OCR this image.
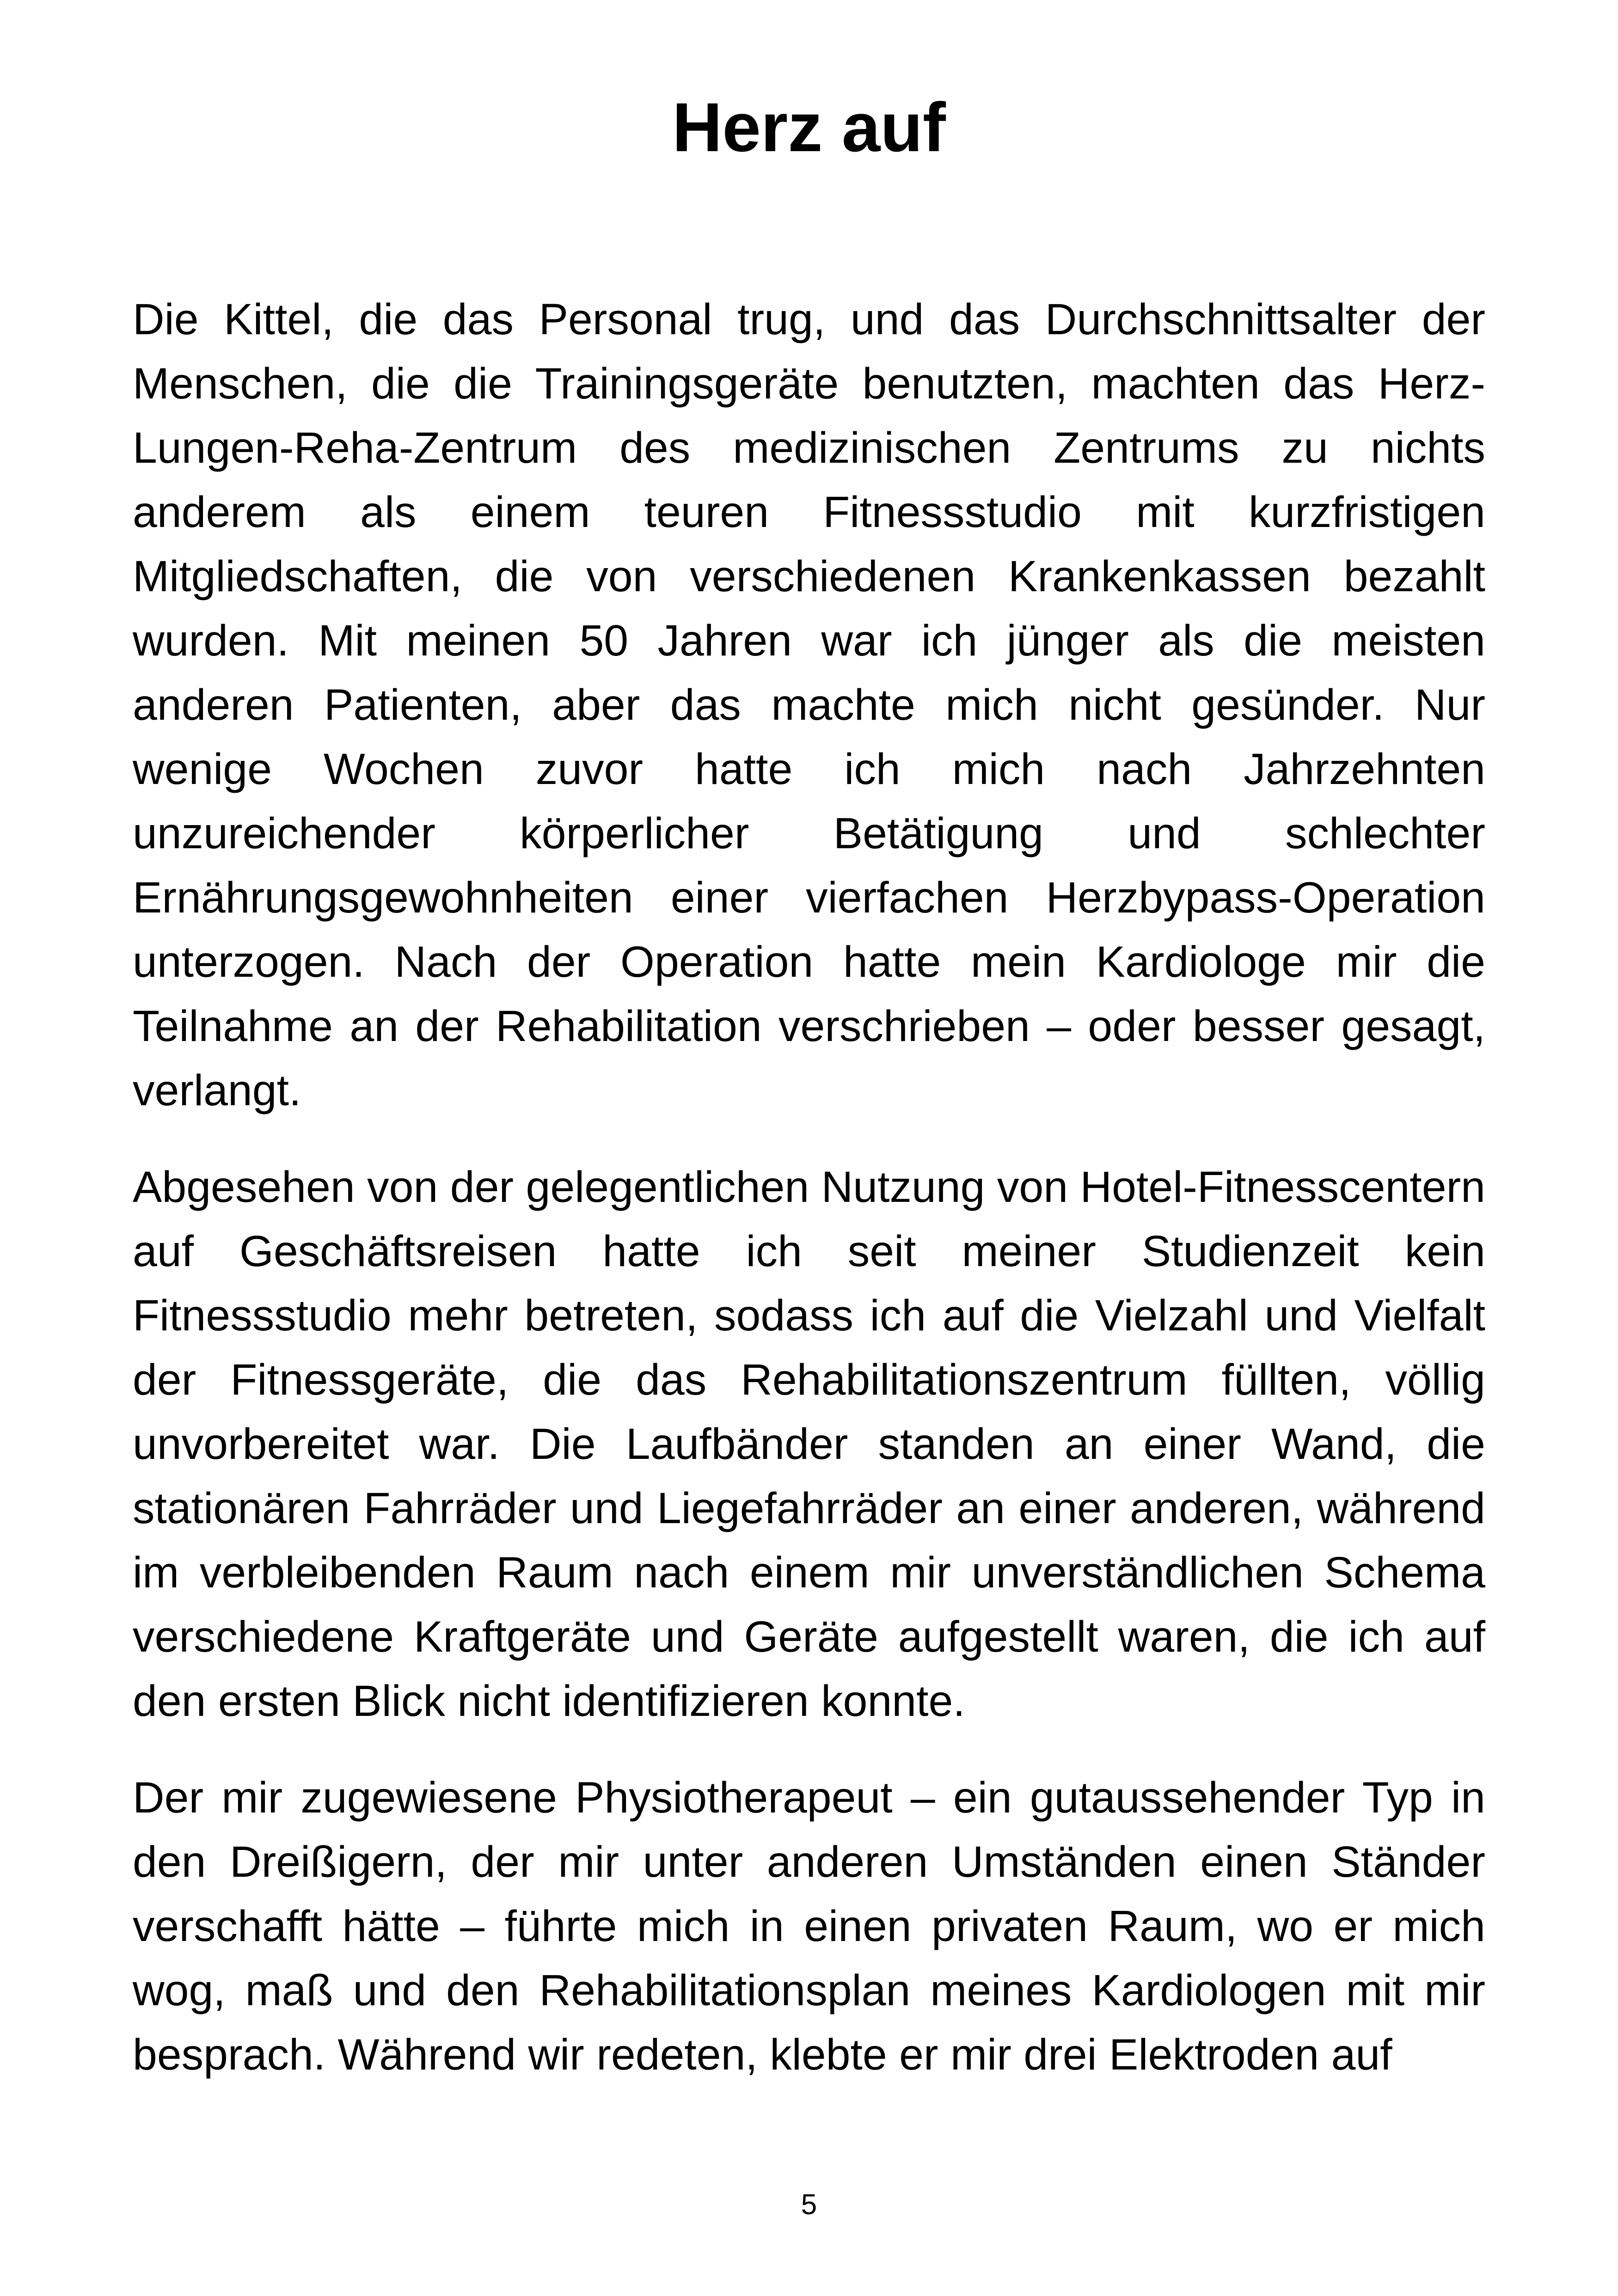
Herz auf

Die Kittel, die das Personal trug, und das Durchschnittsalter der Menschen, die die Trainingsgeräte benutzten, machten das Herz-Lungen-Reha-Zentrum des medizinischen Zentrums zu nichts anderem als einem teuren Fitnessstudio mit kurzfristigen Mitgliedschaften, die von verschiedenen Krankenkassen bezahlt wurden. Mit meinen 50 Jahren war ich jünger als die meisten anderen Patienten, aber das machte mich nicht gesünder. Nur wenige Wochen zuvor hatte ich mich nach Jahrzehnten unzureichender körperlicher Betätigung und schlechter Ernährungsgewohnheiten einer vierfachen Herzbypass-Operation unterzogen. Nach der Operation hatte mein Kardiologe mir die Teilnahme an der Rehabilitation verschrieben – oder besser gesagt, verlangt.

Abgesehen von der gelegentlichen Nutzung von Hotel-Fitnesscentern auf Geschäftsreisen hatte ich seit meiner Studienzeit kein Fitnessstudio mehr betreten, sodass ich auf die Vielzahl und Vielfalt der Fitnessgeräte, die das Rehabilitationszentrum füllten, völlig unvorbereitet war. Die Laufbänder standen an einer Wand, die stationären Fahrräder und Liegefahrräder an einer anderen, während im verbleibenden Raum nach einem mir unverständlichen Schema verschiedene Kraftgeräte und Geräte aufgestellt waren, die ich auf den ersten Blick nicht identifizieren konnte.

Der mir zugewiesene Physiotherapeut – ein gutaussehender Typ in den Dreißigern, der mir unter anderen Umständen einen Ständer verschafft hätte – führte mich in einen privaten Raum, wo er mich wog, maß und den Rehabilitationsplan meines Kardiologen mit mir besprach. Während wir redeten, klebte er mir drei Elektroden auf

5
